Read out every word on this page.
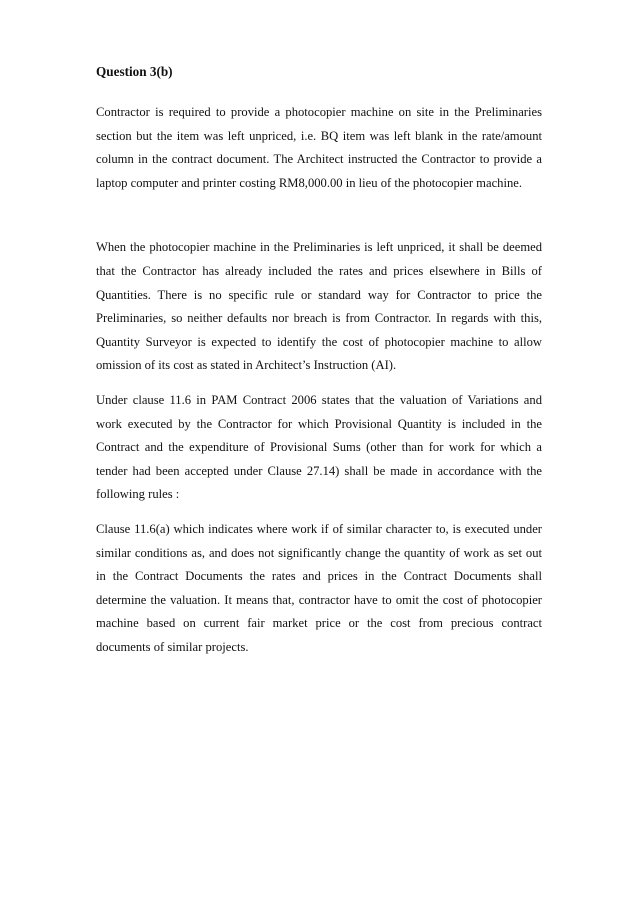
Question 3(b)

Contractor is required to provide a photocopier machine on site in the Preliminaries section but the item was left unpriced, i.e. BQ item was left blank in the rate/amount column in the contract document. The Architect instructed the Contractor to provide a laptop computer and printer costing RM8,000.00 in lieu of the photocopier machine.

When the photocopier machine in the Preliminaries is left unpriced, it shall be deemed that the Contractor has already included the rates and prices elsewhere in Bills of Quantities. There is no specific rule or standard way for Contractor to price the Preliminaries, so neither defaults nor breach is from Contractor. In regards with this, Quantity Surveyor is expected to identify the cost of photocopier machine to allow omission of its cost as stated in Architect’s Instruction (AI).

Under clause 11.6 in PAM Contract 2006 states that the valuation of Variations and work executed by the Contractor for which Provisional Quantity is included in the Contract and the expenditure of Provisional Sums (other than for work for which a tender had been accepted under Clause 27.14) shall be made in accordance with the following rules :

Clause 11.6(a) which indicates where work if of similar character to, is executed under similar conditions as, and does not significantly change the quantity of work as set out in the Contract Documents the rates and prices in the Contract Documents shall determine the valuation. It means that, contractor have to omit the cost of photocopier machine based on current fair market price or the cost from precious contract documents of similar projects.
